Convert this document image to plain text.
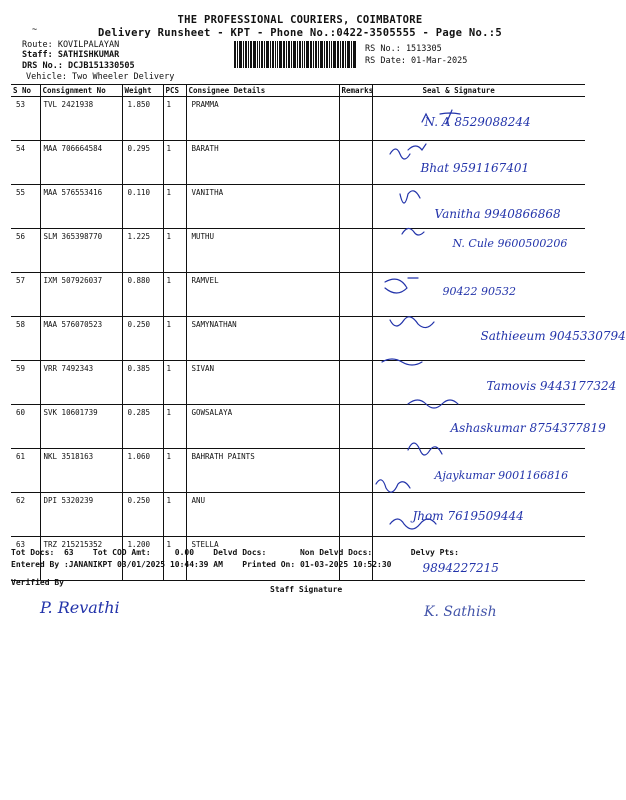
THE PROFESSIONAL COURIERS, COIMBATORE
Delivery Runsheet - KPT - Phone No.:0422-3505555 - Page No.:5
~
Route: KOVILPALAYAN
Staff: SATHISHKUMAR
DRS No.: DCJB151330505
Vehicle: Two Wheeler Delivery
RS No.: 1513305
RS Date: 01-Mar-2025
S No	Consignment No	Weight	PCS	Consignee Details	Remarks	Seal & Signature
53	TVL 2421938	1.850	1	PRAMMA		N. A 8529088244

54	MAA 706664584	0.295	1	BARATH		Bhat 9591167401

55	MAA 576553416	0.110	1	VANITHA		Vanitha 9940866868

56	SLM 365398770	1.225	1	MUTHU		N. Cule 9600500206

57	IXM 507926037	0.880	1	RAMVEL		90422 90532

58	MAA 576070523	0.250	1	SAMYNATHAN		Sathieeum 9045330794

59	VRR 7492343	0.385	1	SIVAN		Tamovis 9443177324

60	SVK 10601739	0.285	1	GOWSALAYA		Ashaskumar 8754377819

61	NKL 3518163	1.060	1	BAHRATH PAINTS		Ajaykumar 9001166816

62	DPI 5320239	0.250	1	ANU		Jhom 7619509444

63	TRZ 215215352	1.200	1	STELLA		9894227215
Tot Docs:  63    Tot COD Amt:     0.00    Delvd Docs:       Non Delvd Docs:        Delvy Pts:
Entered By :JANANIKPT 03/01/2025 10:44:39 AM    Printed On: 01-03-2025 10:52:30
Verified By
Staff Signature
P. Revathi	K. Sathish
